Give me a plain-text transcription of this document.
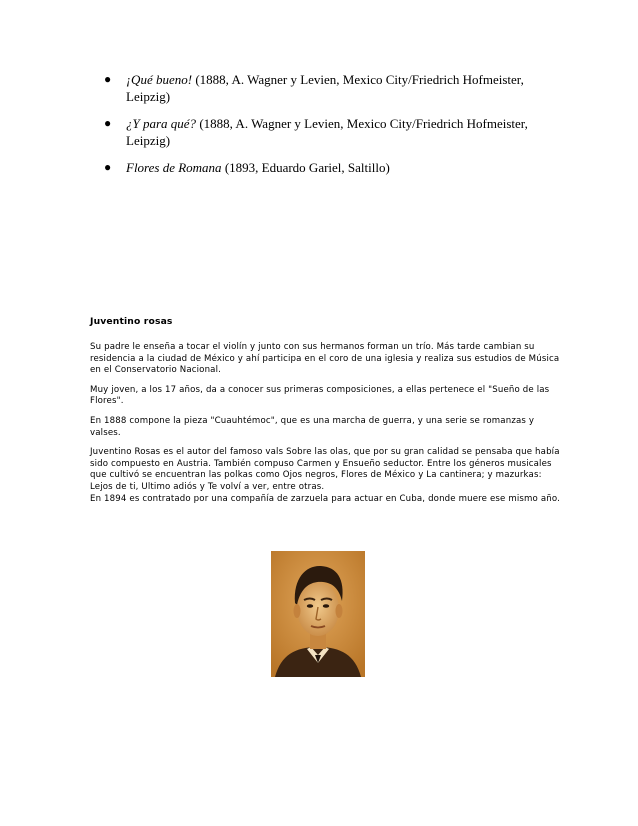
● ¡Qué bueno! (1888, A. Wagner y Levien, Mexico City/Friedrich Hofmeister, Leipzig)
● ¿Y para qué? (1888, A. Wagner y Levien, Mexico City/Friedrich Hofmeister, Leipzig)
● Flores de Romana (1893, Eduardo Gariel, Saltillo)
Juventino rosas

Su padre le enseña a tocar el violín y junto con sus hermanos forman un trío. Más tarde cambian su residencia a la ciudad de México y ahí participa en el coro de una iglesia y realiza sus estudios de Música en el Conservatorio Nacional.

Muy joven, a los 17 años, da a conocer sus primeras composiciones, a ellas pertenece el "Sueño de las Flores".

En 1888 compone la pieza "Cuauhtémoc", que es una marcha de guerra, y una serie se romanzas y valses.

Juventino Rosas es el autor del famoso vals Sobre las olas, que por su gran calidad se pensaba que había sido compuesto en Austria. También compuso Carmen y Ensueño seductor. Entre los géneros musicales que cultivó se encuentran las polkas como Ojos negros, Flores de México y La cantinera; y mazurkas: Lejos de ti, Ultimo adiós y Te volví a ver, entre otras.
En 1894 es contratado por una compañía de zarzuela para actuar en Cuba, donde muere ese mismo año.
